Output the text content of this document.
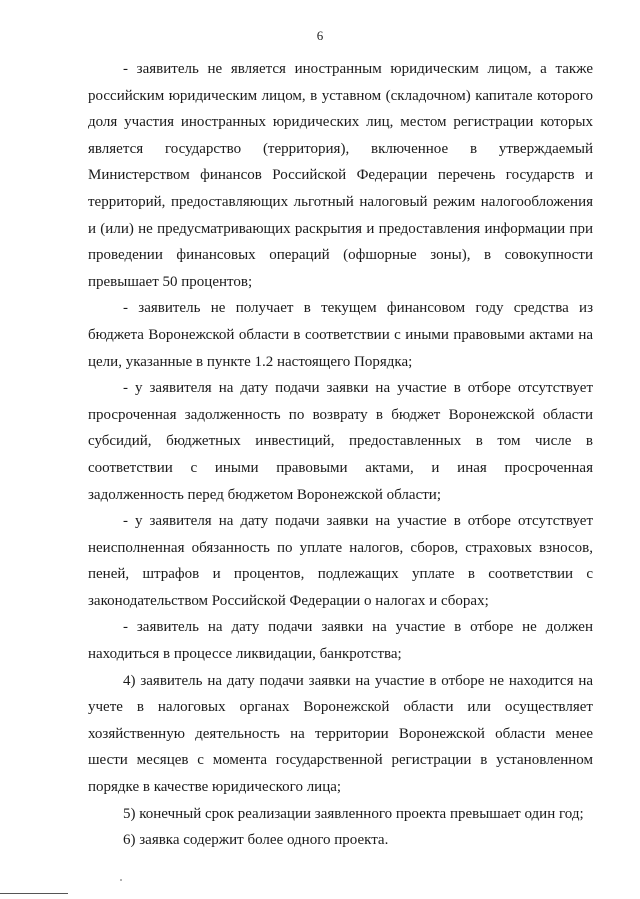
6

- заявитель не является иностранным юридическим лицом, а также российским юридическим лицом, в уставном (складочном) капитале которого доля участия иностранных юридических лиц, местом регистрации которых является государство (территория), включенное в утверждаемый Министерством финансов Российской Федерации перечень государств и территорий, предоставляющих льготный налоговый режим налогообложения и (или) не предусматривающих раскрытия и предоставления информации при проведении финансовых операций (офшорные зоны), в совокупности превышает 50 процентов;

- заявитель не получает в текущем финансовом году средства из бюджета Воронежской области в соответствии с иными правовыми актами на цели, указанные в пункте 1.2 настоящего Порядка;

- у заявителя на дату подачи заявки на участие в отборе отсутствует просроченная задолженность по возврату в бюджет Воронежской области субсидий, бюджетных инвестиций, предоставленных в том числе в соответствии с иными правовыми актами, и иная просроченная задолженность перед бюджетом Воронежской области;

- у заявителя на дату подачи заявки на участие в отборе отсутствует неисполненная обязанность по уплате налогов, сборов, страховых взносов, пеней, штрафов и процентов, подлежащих уплате в соответствии с законодательством Российской Федерации о налогах и сборах;

- заявитель на дату подачи заявки на участие в отборе не должен находиться в процессе ликвидации, банкротства;

4) заявитель на дату подачи заявки на участие в отборе не находится на учете в налоговых органах Воронежской области или осуществляет хозяйственную деятельность на территории Воронежской области менее шести месяцев с момента государственной регистрации в установленном порядке в качестве юридического лица;

5) конечный срок реализации заявленного проекта превышает один год;

6) заявка содержит более одного проекта.
